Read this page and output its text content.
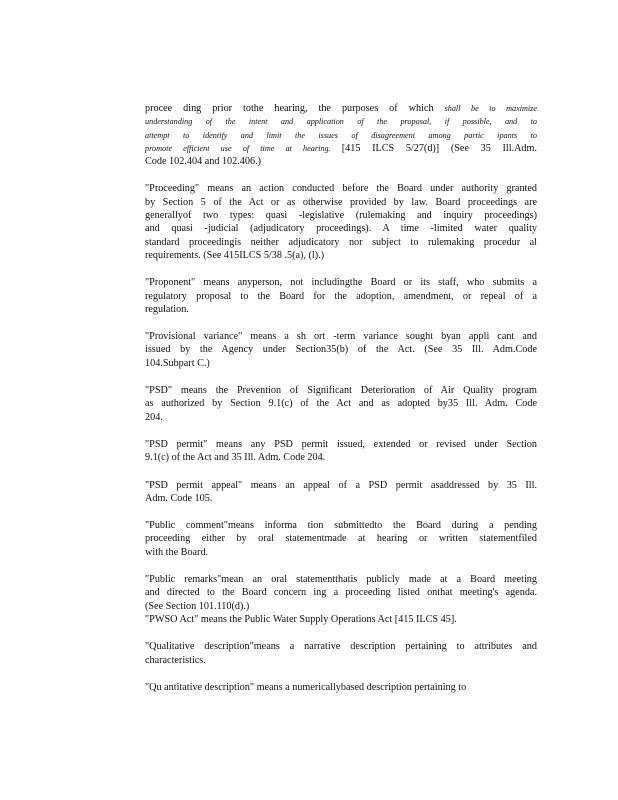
procee ding prior tothe hearing, the purposes of which shall be to maximize
understanding of the intent and application of the proposal, if possible, and to
attempt to identify and limit the issues of disagreement among partic ipants to
promote efficient use of time at hearing. [415 ILCS 5/27(d)] (See 35 Ill.Adm.
Code 102.404 and 102.406.)
"Proceeding" means an action conducted before the Board under authority granted
by Section 5 of the Act or as otherwise provided by law. Board proceedings are
generallyof two types: quasi -legislative (rulemaking and inquiry proceedings)
and quasi -judicial (adjudicatory proceedings). A time -limited water quality
standard proceedingis neither adjudicatory nor subject to rulemaking procedur al
requirements. (See 415ILCS 5/38 .5(a), (l).)
"Proponent" means anyperson, not includingthe Board or its staff, who submits a
regulatory proposal to the Board for the adoption, amendment, or repeal of a
regulation.
"Provisional variance" means a sh ort -term variance sought byan appli cant and
issued by the Agency under Section35(b) of the Act. (See 35 Ill. Adm.Code
104.Subpart C.)
"PSD" means the Prevention of Significant Deterioration of Air Quality program
as authorized by Section 9.1(c) of the Act and as adopted by35 Ill. Adm. Code
204.
"PSD permit" means any PSD permit issued, extended or revised under Section
9.1(c) of the Act and 35 Ill. Adm. Code 204.
"PSD permit appeal" means an appeal of a PSD permit asaddressed by 35 Ill.
Adm. Code 105.
"Public comment"means informa tion submittedto the Board during a pending
proceeding either by oral statementmade at hearing or written statementfiled
with the Board.
"Public remarks"mean an oral statementthatis publicly made at a Board meeting
and directed to the Board concern ing a proceeding listed onthat meeting's agenda.
(See Section 101.110(d).)
"PWSO Act" means the Public Water Supply Operations Act [415 ILCS 45].
"Qualitative description"means a narrative description pertaining to attributes and
characteristics.
"Qu antitative description" means a numericallybased description pertaining to
